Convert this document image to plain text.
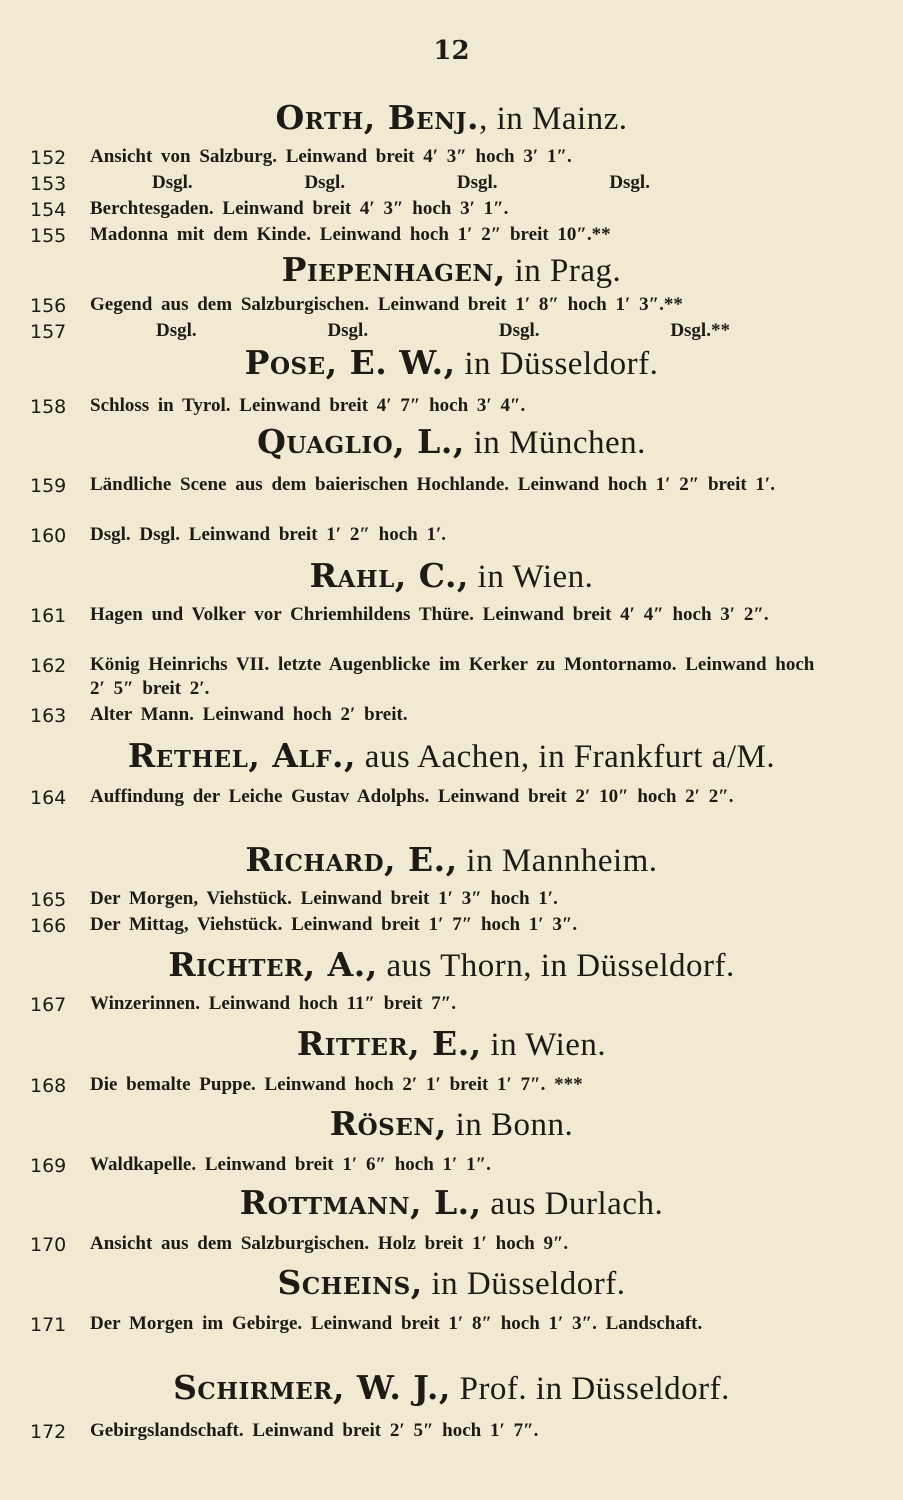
12
Orth, Benj., in Mainz.
152	Ansicht von Salzburg. Leinwand breit 4′ 3″ hoch 3′ 1″.
153	Dsgl.	Dsgl.	Dsgl.	Dsgl.
154	Berchtesgaden. Leinwand breit 4′ 3″ hoch 3′ 1″.
155	Madonna mit dem Kinde. Leinwand hoch 1′ 2″ breit 10″.**
Piepenhagen, in Prag.
156	Gegend aus dem Salzburgischen. Leinwand breit 1′ 8″ hoch 1′ 3″.**
157	Dsgl.	Dsgl.	Dsgl.	Dsgl.**
Pose, E. W., in Düsseldorf.
158	Schloss in Tyrol. Leinwand breit 4′ 7″ hoch 3′ 4″.
Quaglio, L., in München.
159	Ländliche Scene aus dem baierischen Hochlande. Leinwand hoch 1′ 2″ breit 1′.
160	Dsgl. Dsgl. Leinwand breit 1′ 2″ hoch 1′.
Rahl, C., in Wien.
161	Hagen und Volker vor Chriemhildens Thüre. Leinwand breit 4′ 4″ hoch 3′ 2″.
162	König Heinrichs VII. letzte Augenblicke im Kerker zu Montornamo. Leinwand hoch 2′ 5″ breit 2′.
163	Alter Mann. Leinwand hoch 2′ breit.
Rethel, Alf., aus Aachen, in Frankfurt a/M.
164	Auffindung der Leiche Gustav Adolphs. Leinwand breit 2′ 10″ hoch 2′ 2″.
Richard, E., in Mannheim.
165	Der Morgen, Viehstück. Leinwand breit 1′ 3″ hoch 1′.
166	Der Mittag, Viehstück. Leinwand breit 1′ 7″ hoch 1′ 3″.
Richter, A., aus Thorn, in Düsseldorf.
167	Winzerinnen. Leinwand hoch 11″ breit 7″.
Ritter, E., in Wien.
168	Die bemalte Puppe. Leinwand hoch 2′ 1′ breit 1′ 7″. ***
Rösen, in Bonn.
169	Waldkapelle. Leinwand breit 1′ 6″ hoch 1′ 1″.
Rottmann, L., aus Durlach.
170	Ansicht aus dem Salzburgischen. Holz breit 1′ hoch 9″.
Scheins, in Düsseldorf.
171	Der Morgen im Gebirge. Leinwand breit 1′ 8″ hoch 1′ 3″. Landschaft.
Schirmer, W. J., Prof. in Düsseldorf.
172	Gebirgslandschaft. Leinwand breit 2′ 5″ hoch 1′ 7″.
